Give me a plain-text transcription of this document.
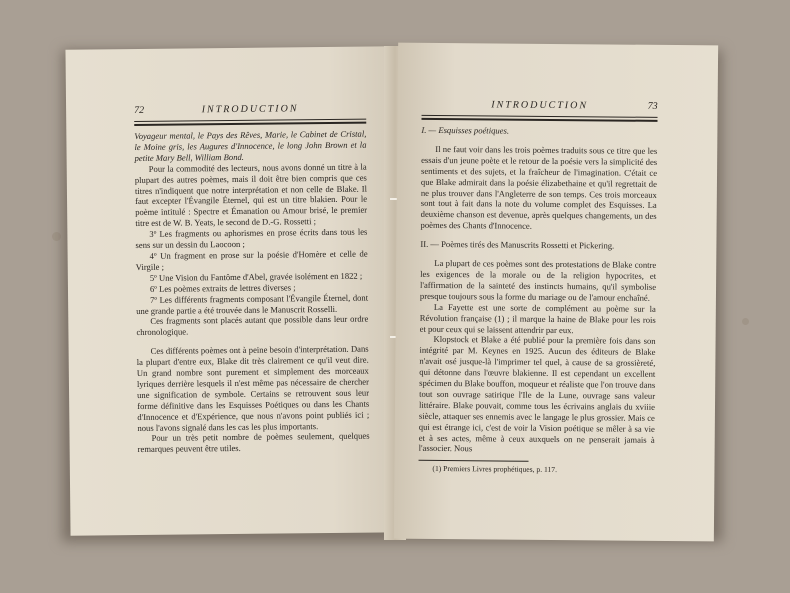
72	INTRODUCTION

Voyageur mental, le Pays des Rêves, Marie, le Cabinet de Cristal, le Moine gris, les Augures d'Innocence, le long John Brown et la petite Mary Bell, William Bond.

Pour la commodité des lecteurs, nous avons donné un titre à la plupart des autres poèmes, mais il doit être bien compris que ces titres n'indiquent que notre interprétation et non celle de Blake. Il faut excepter l'Évangile Éternel, qui est un titre blakien. Pour le poème intitulé : Spectre et Émanation ou Amour brisé, le premier titre est de W. B. Yeats, le second de D.-G. Rossetti ;

3º Les fragments ou aphorismes en prose écrits dans tous les sens sur un dessin du Laocoon ;

4º Un fragment en prose sur la poésie d'Homère et celle de Virgile ;

5º Une Vision du Fantôme d'Abel, gravée isolément en 1822 ;

6º Les poèmes extraits de lettres diverses ;

7º Les différents fragments composant l'Évangile Éternel, dont une grande partie a été trouvée dans le Manuscrit Rosselli.

Ces fragments sont placés autant que possible dans leur ordre chronologique.

Ces différents poèmes ont à peine besoin d'interprétation. Dans la plupart d'entre eux, Blake dit très clairement ce qu'il veut dire. Un grand nombre sont purement et simplement des morceaux lyriques derrière lesquels il n'est même pas nécessaire de chercher une signification de symbole. Certains se retrouvent sous leur forme définitive dans les Esquisses Poétiques ou dans les Chants d'Innocence et d'Expérience, que nous n'avons point publiés ici ; nous l'avons signalé dans les cas les plus importants.

Pour un très petit nombre de poèmes seulement, quelques remarques peuvent être utiles.

INTRODUCTION	73

I. — Esquisses poétiques.

Il ne faut voir dans les trois poèmes traduits sous ce titre que les essais d'un jeune poète et le retour de la poésie vers la simplicité des sentiments et des sujets, et la fraîcheur de l'imagination. C'était ce que Blake admirait dans la poésie élizabethaine et qu'il regrettait de ne plus trouver dans l'Angleterre de son temps. Ces trois morceaux sont tout à fait dans la note du volume complet des Esquisses. La deuxième chanson est devenue, après quelques changements, un des poèmes des Chants d'Innocence.

II. — Poèmes tirés des Manuscrits Rossetti et Pickering.

La plupart de ces poèmes sont des protestations de Blake contre les exigences de la morale ou de la religion hypocrites, et l'affirmation de la sainteté des instincts humains, qu'il symbolise presque toujours sous la forme du mariage ou de l'amour enchaîné.

La Fayette est une sorte de complément au poème sur la Révolution française (1) ; il marque la haine de Blake pour les rois et pour ceux qui se laissent attendrir par eux.

Klopstock et Blake a été publié pour la première fois dans son intégrité par M. Keynes en 1925. Aucun des éditeurs de Blake n'avait osé jusque-là l'imprimer tel quel, à cause de sa grossièreté, qui détonne dans l'œuvre blakienne. Il est cependant un excellent spécimen du Blake bouffon, moqueur et réaliste que l'on trouve dans tout son ouvrage satirique l'Ile de la Lune, ouvrage sans valeur littéraire. Blake pouvait, comme tous les écrivains anglais du xviiie siècle, attaquer ses ennemis avec le langage le plus grossier. Mais ce qui est étrange ici, c'est de voir la Vision poétique se mêler à sa vie et à ses actes, même à ceux auxquels on ne penserait jamais à l'associer. Nous

(1) Premiers Livres prophétiques, p. 117.
